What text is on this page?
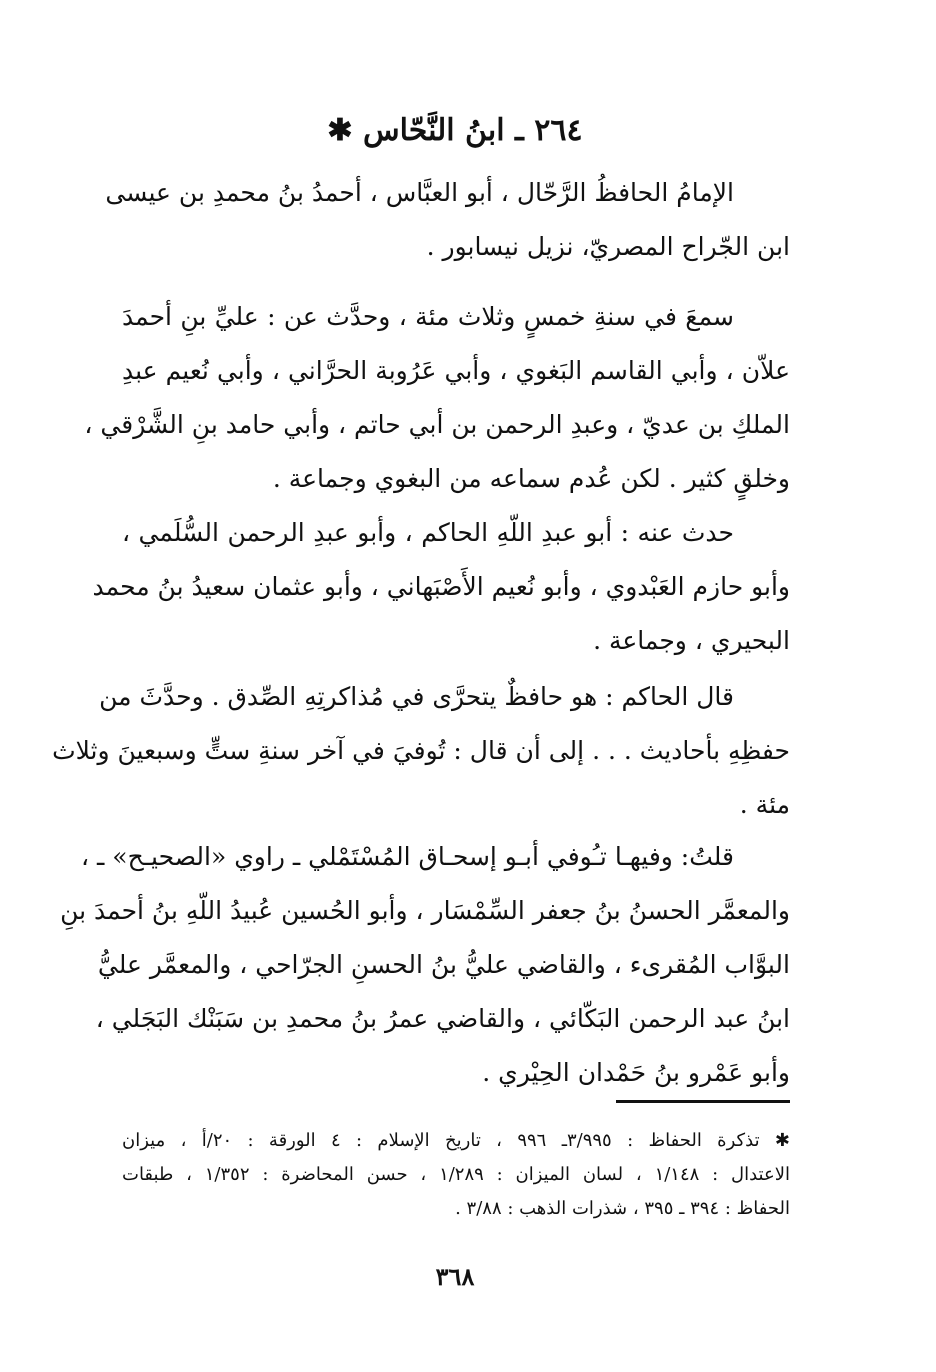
٢٦٤ ـ ابنُ النَّحّاس ✱
الإمامُ الحافظُ الرَّحّال ، أبو العبَّاس ، أحمدُ بنُ محمدِ بن عيسى
ابن الجّراح المصريّ، نزيل نيسابور .
سمعَ في سنةِ خمسٍ وثلاث مئة ، وحدَّث عن : عليِّ بنِ أحمدَ
علاّن ، وأبي القاسم البَغوي ، وأبي عَرُوبة الحرَّاني ، وأبي نُعيم عبدِ
الملكِ بن عديّ ، وعبدِ الرحمن بن أبي حاتم ، وأبي حامد بنِ الشَّرْقي ،
وخلقٍ كثير . لكن عُدم سماعه من البغوي وجماعة .
حدث عنه : أبو عبدِ اللّهِ الحاكم ، وأبو عبدِ الرحمن السُّلَمي ،
وأبو حازم العَبْدوي ، وأبو نُعيم الأَصْبَهاني ، وأبو عثمان سعيدُ بنُ محمد
البحيري ، وجماعة .
قال الحاكم : هو حافظٌ يتحرَّى في مُذاكرتِهِ الصِّدق . وحدَّثَ من
حفظِهِ بأحاديث . . . إلى أن قال : تُوفيَ في آخر سنةِ ستٍّ وسبعينَ وثلاث
مئة .
قلتُ: وفيهـا تـُوفي أبـو إسحـاق المُسْتَمْلي ـ راوي «الصحيـح» ـ ،
والمعمَّر الحسنُ بنُ جعفر السِّمْسَار ، وأبو الحُسين عُبيدُ اللّهِ بنُ أحمدَ بنِ
البوَّاب المُقرىء ، والقاضي عليُّ بنُ الحسنِ الجرّاحي ، والمعمَّر عليُّ
ابنُ عبد الرحمن البَكّائي ، والقاضي عمرُ بنُ محمدِ بن سَبَنْك البَجَلي ،
وأبو عَمْرو بنُ حَمْدان الحِيْري .
✱ تذكرة الحفاظ : ٣/٩٩٥ـ ٩٩٦ ، تاريخ الإسلام : ٤ الورقة : ٢٠/أ ، ميزان
الاعتدال : ١/١٤٨ ، لسان الميزان : ١/٢٨٩ ، حسن المحاضرة : ١/٣٥٢ ، طبقات
الحفاظ : ٣٩٤ ـ ٣٩٥ ، شذرات الذهب : ٣/٨٨ .
٣٦٨
